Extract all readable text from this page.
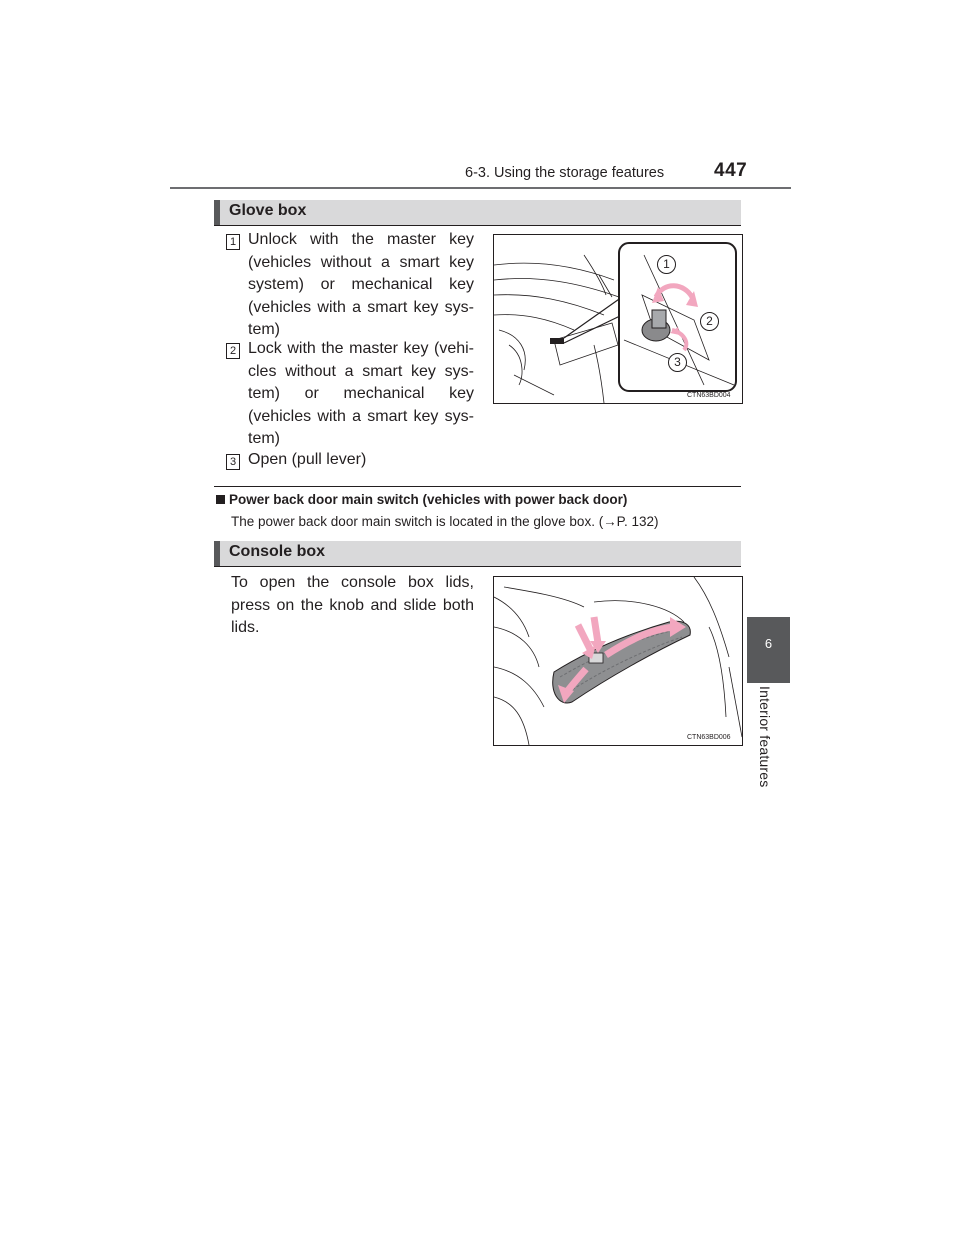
6-3. Using the storage features	447
6
Interior features
Glove box
1 Unlock with the master key
(vehicles without a smart key
system) or mechanical key
(vehicles with a smart key sys-
tem)
2 Lock with the master key (vehi-
cles without a smart key sys-
tem) or mechanical key
(vehicles with a smart key sys-
tem)
3 Open (pull lever)
1
2
3
CTN63BD004
Power back door main switch (vehicles with power back door)
The power back door main switch is located in the glove box. (→P. 132)
Console box
To open the console box lids,
press on the knob and slide both
lids.
CTN63BD006
